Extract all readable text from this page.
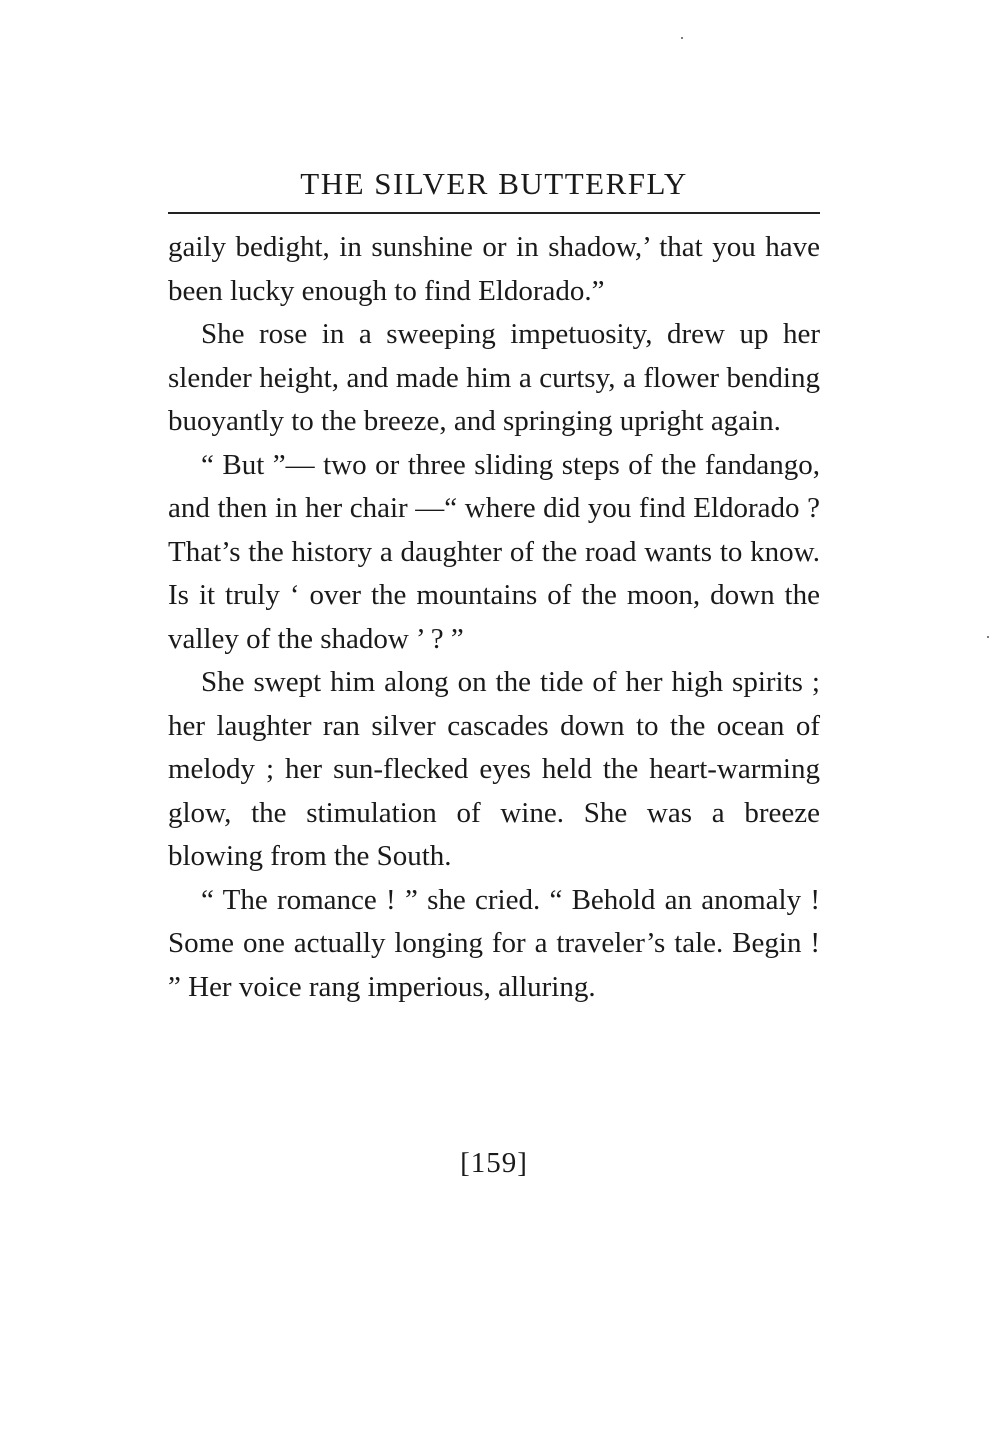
THE SILVER BUTTERFLY

gaily bedight, in sunshine or in shadow,’ that you have been lucky enough to find Eldorado.”

She rose in a sweeping impetuosity, drew up her slender height, and made him a curtsy, a flower bending buoyantly to the breeze, and springing upright again.

“ But ”— two or three sliding steps of the fandango, and then in her chair —“ where did you find Eldorado ? That’s the history a daughter of the road wants to know. Is it truly ‘ over the mountains of the moon, down the valley of the shadow ’ ? ”

She swept him along on the tide of her high spirits ; her laughter ran silver cascades down to the ocean of melody ; her sun-flecked eyes held the heart-warming glow, the stimulation of wine. She was a breeze blowing from the South.

“ The romance ! ” she cried. “ Behold an anomaly ! Some one actually longing for a traveler’s tale. Begin ! ” Her voice rang imperious, alluring.

[159]
